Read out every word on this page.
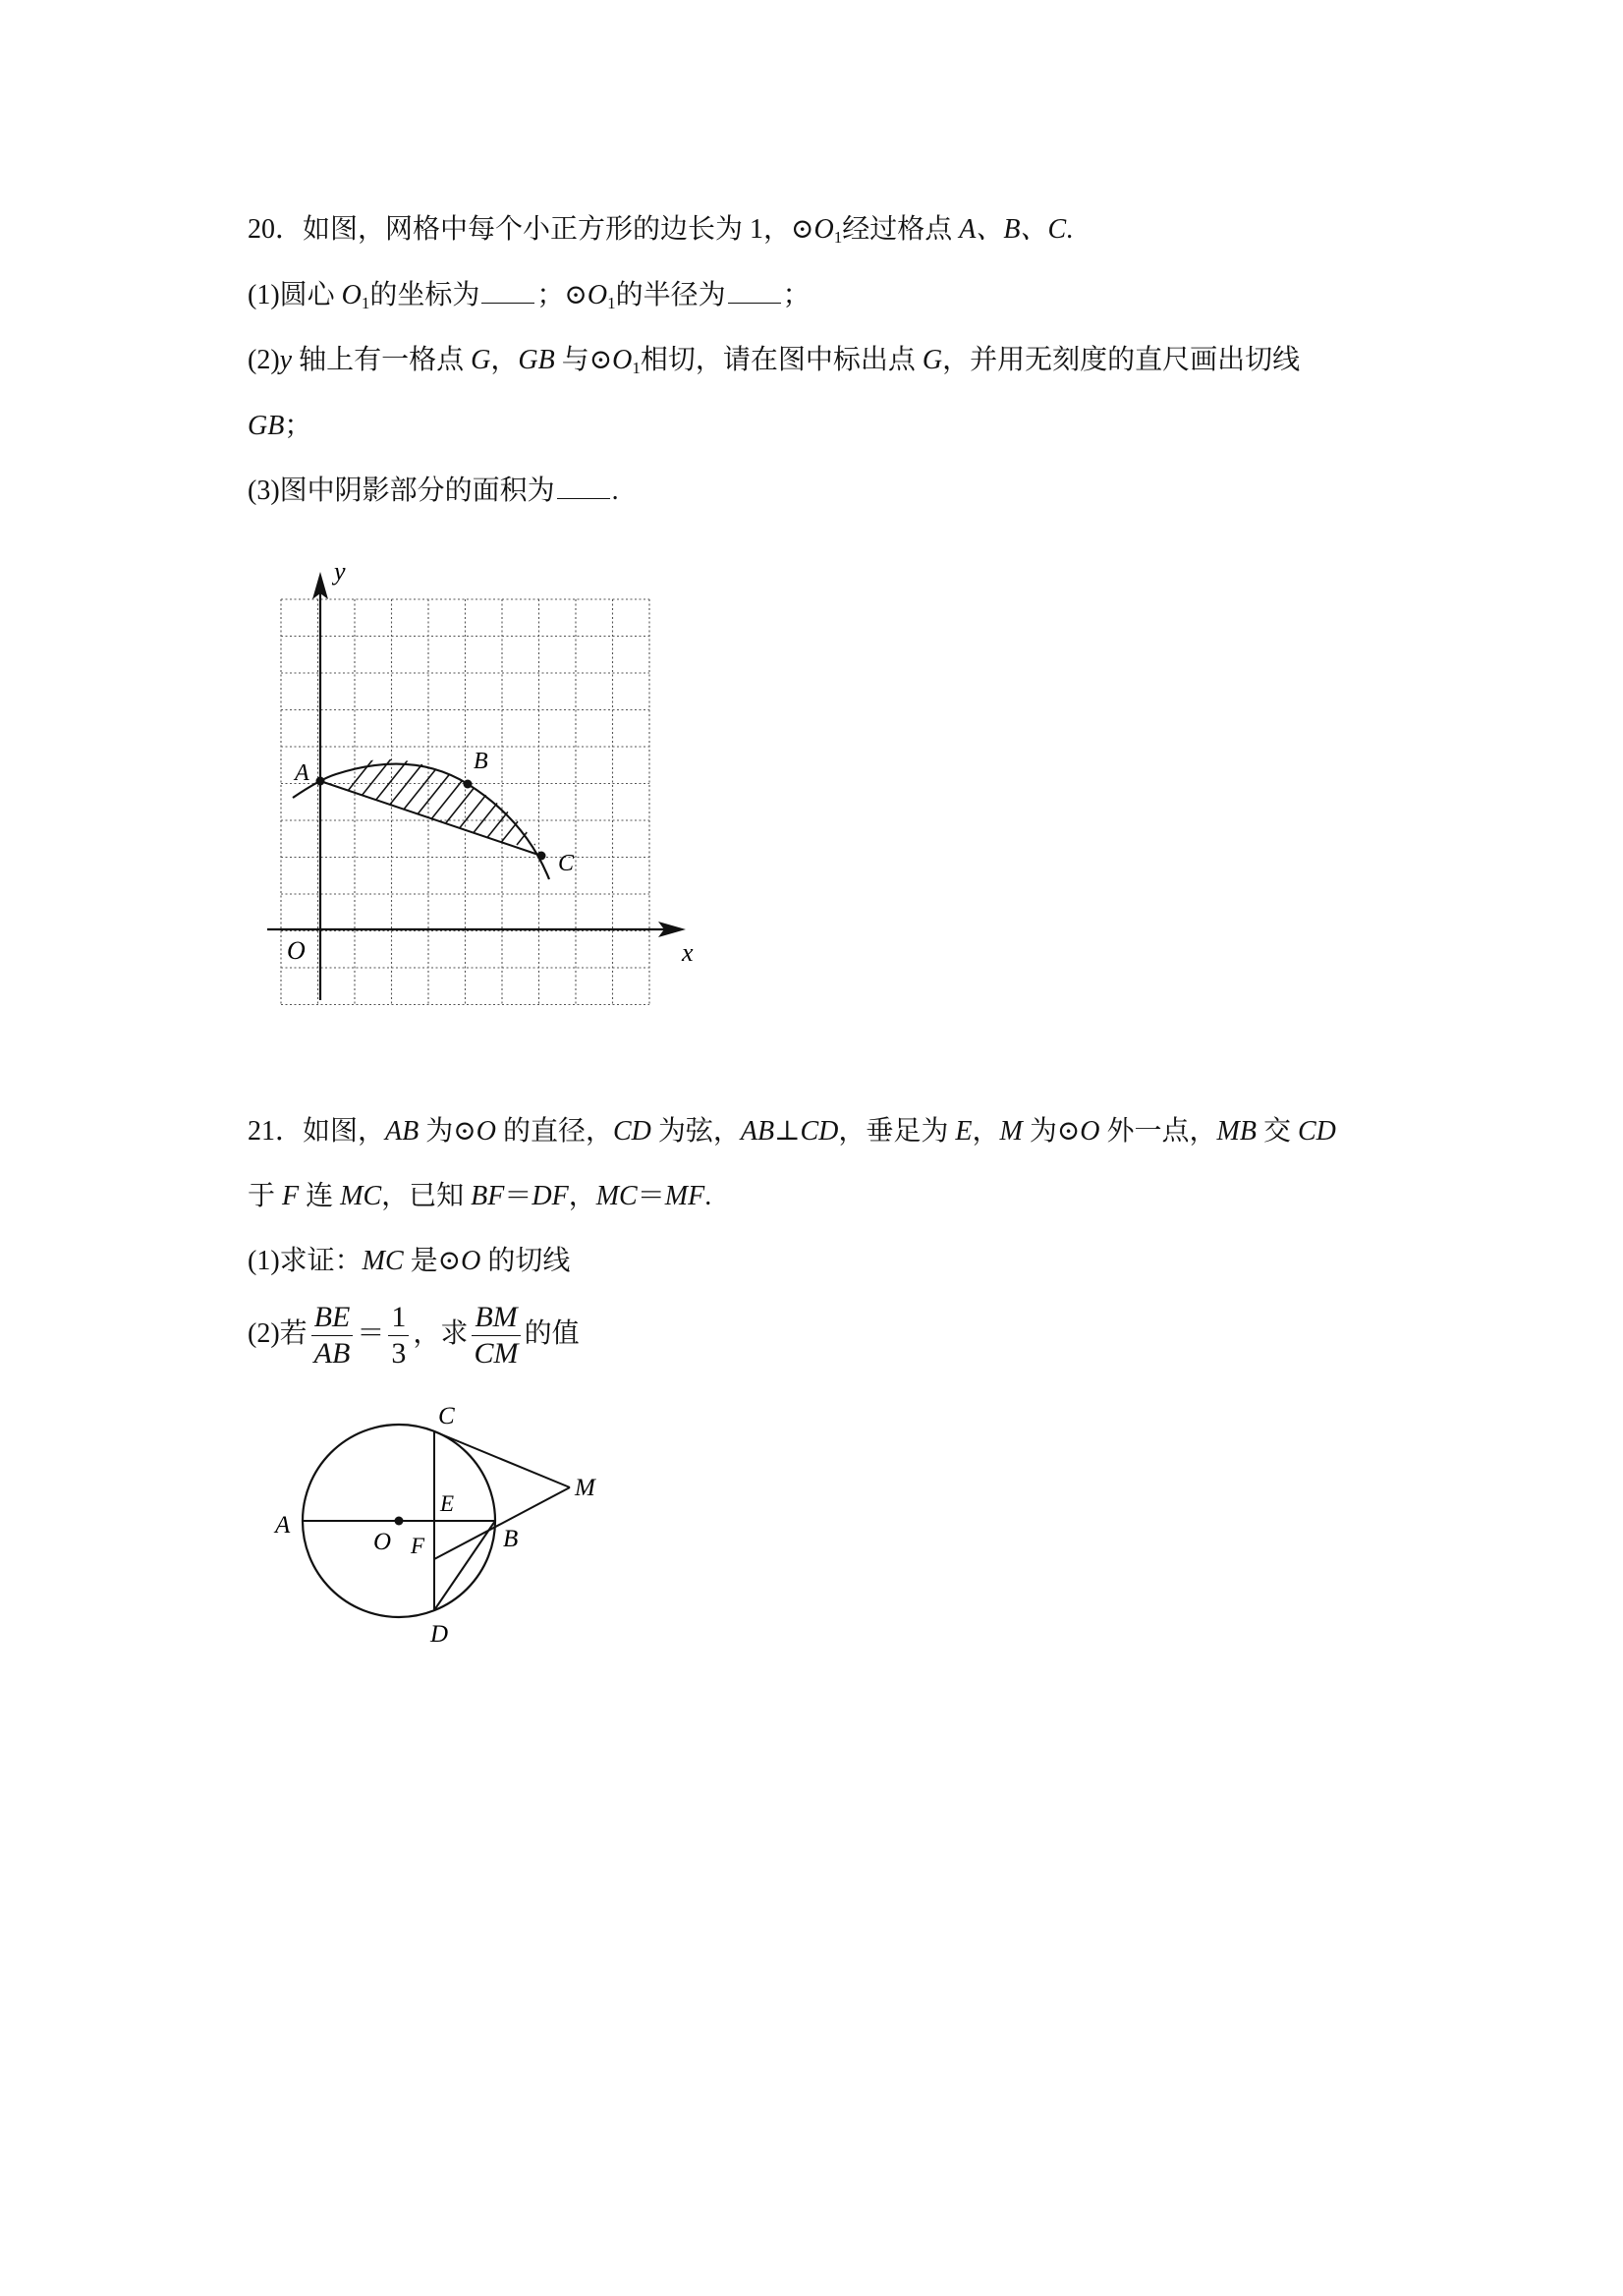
20．如图，网格中每个小正方形的边长为 1，$⊙O_1$经过格点 A、B、C.
(1)圆心 $O_1$的坐标为 ；$⊙O_1$的半径为 ；
(2)y 轴上有一格点 G，GB 与$⊙O_1$相切，请在图中标出点 G，并用无刻度的直尺画出切线
GB；
(3)图中阴影部分的面积为 .
y
x
O
A	B
C
21．如图，AB 为⊙O 的直径，CD 为弦，AB⊥CD，垂足为 E，M 为⊙O 外一点，MB 交 CD
于 F 连 MC，已知 BF＝DF，MC＝MF.
(1)求证：MC 是⊙O 的切线
(2)若 $\frac{BE}{AB} = \frac{1}{3}$ ，求 $\frac{BM}{CM}$ 的值
A
O
E
F	B
C
D
M
